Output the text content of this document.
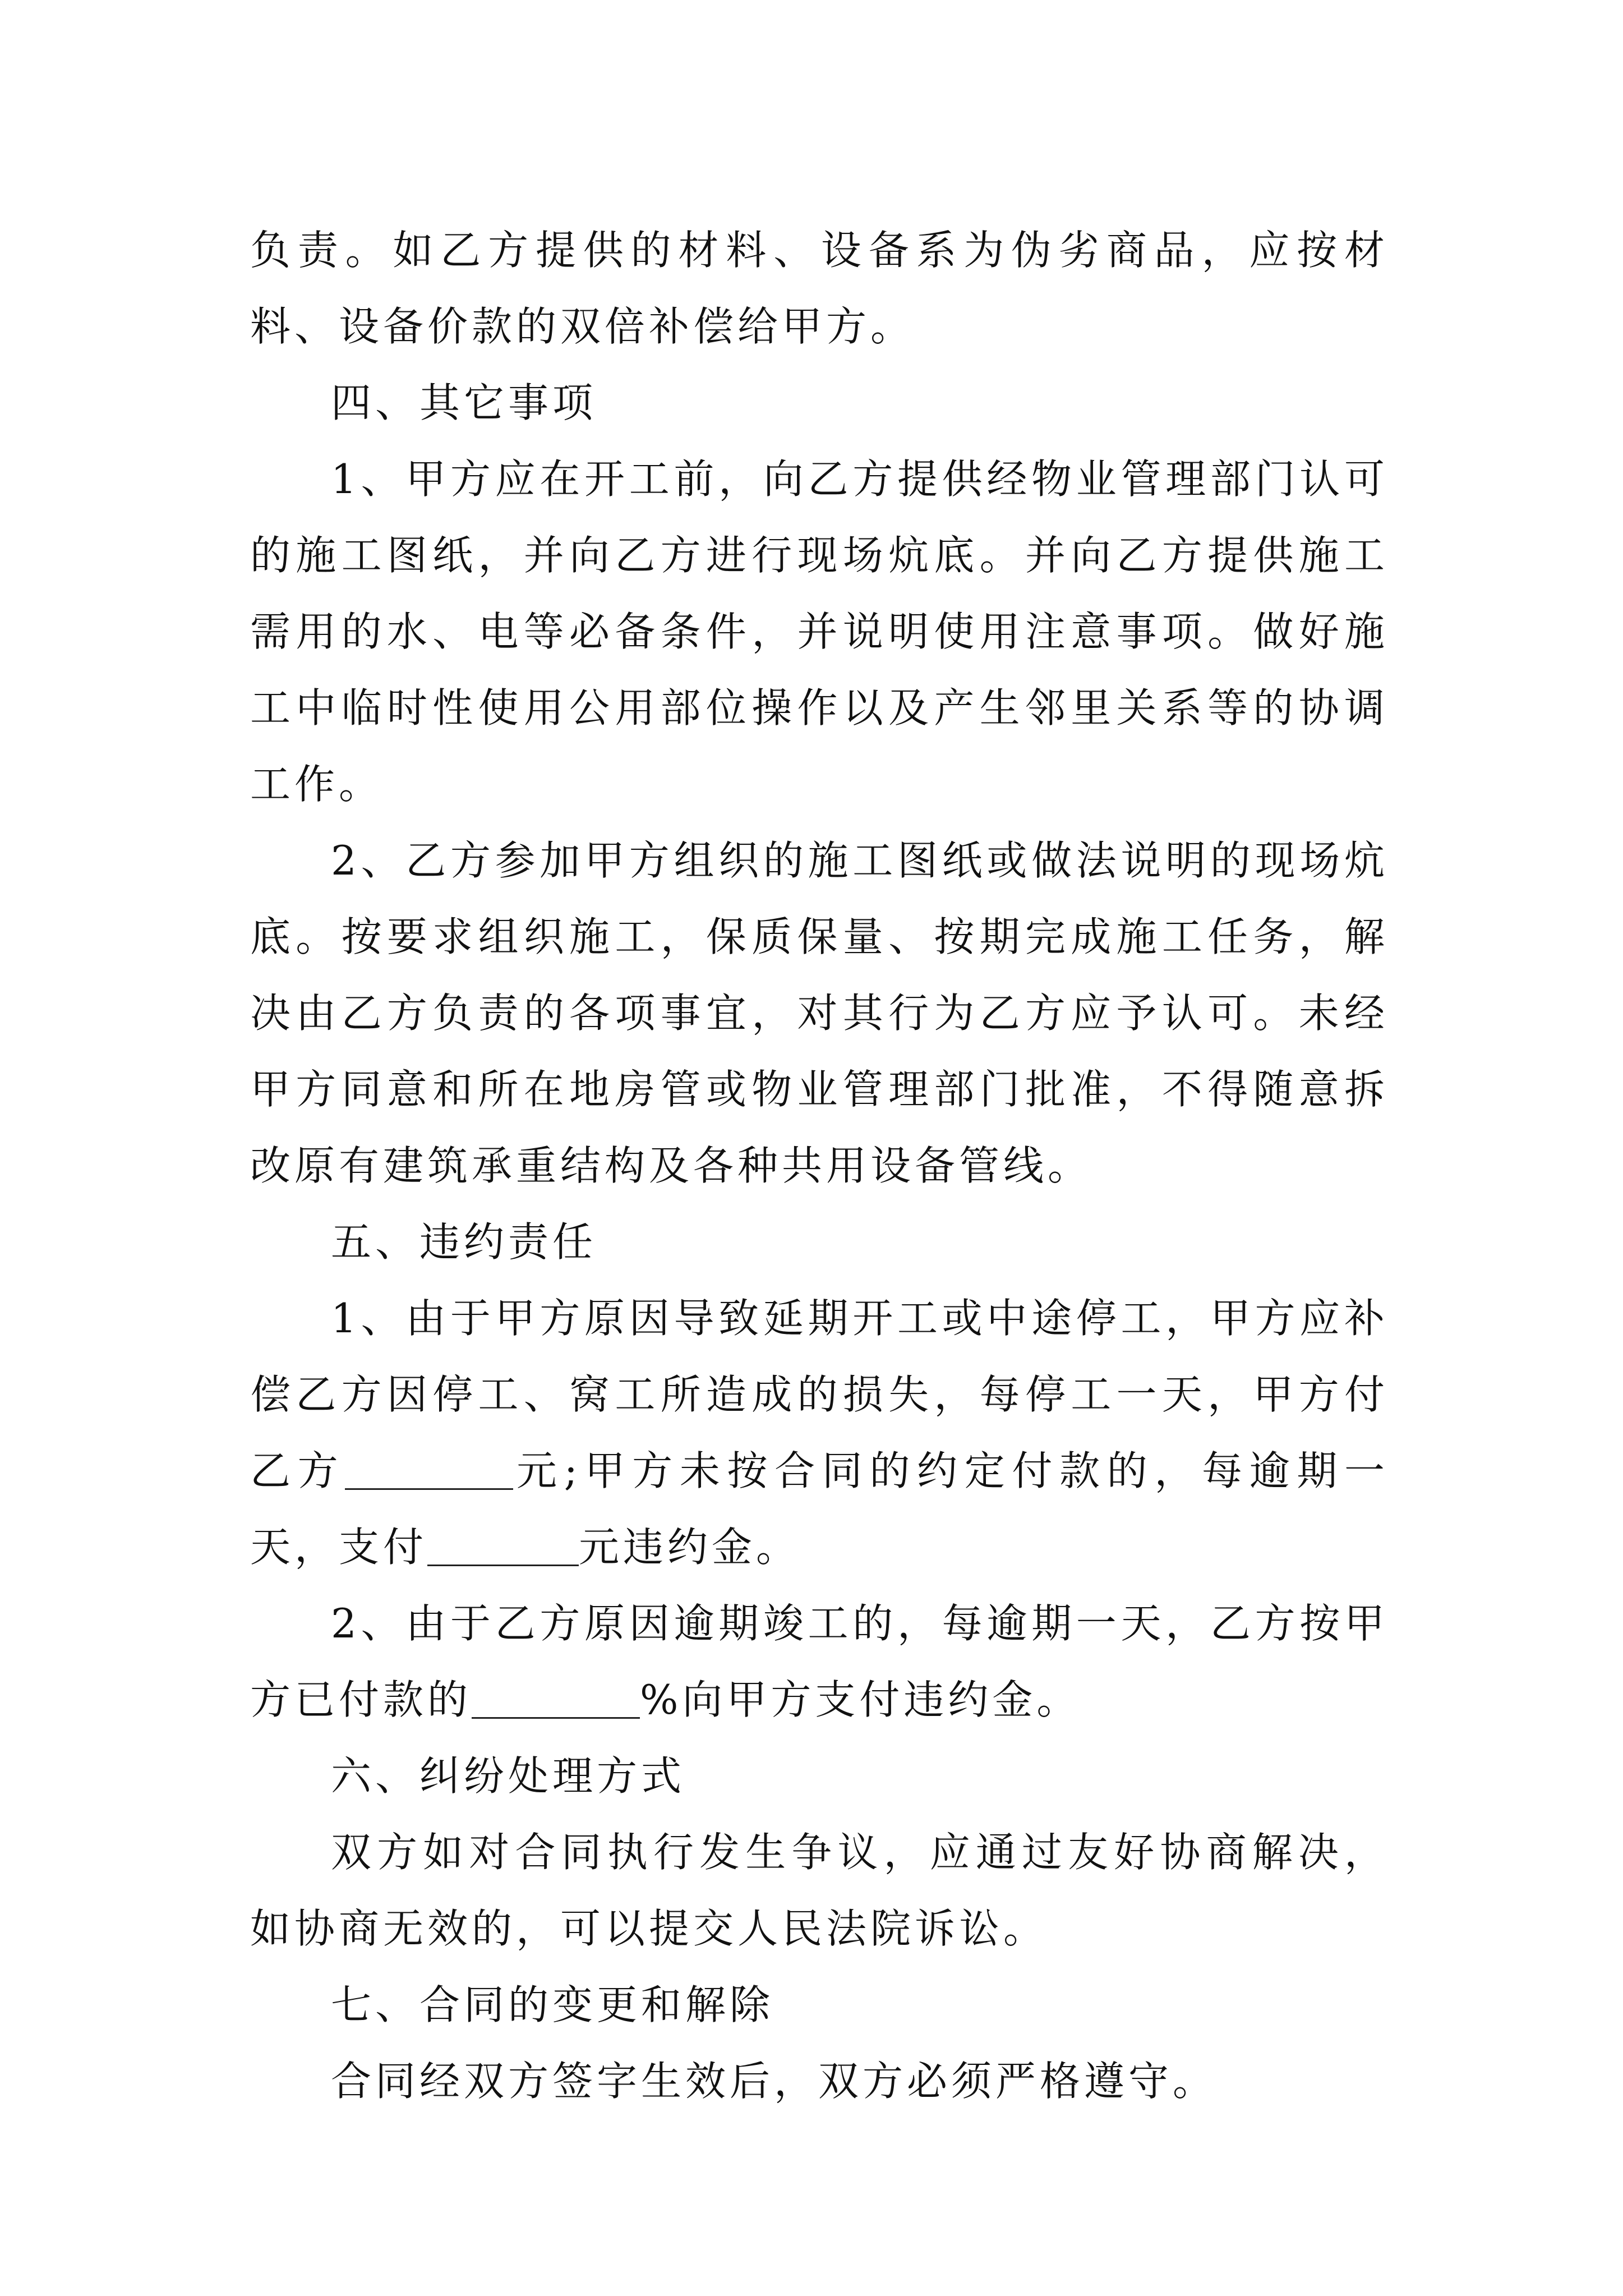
负责。如乙方提供的材料、设备系为伪劣商品，应按材料、设备价款的双倍补偿给甲方。

四、其它事项

1、甲方应在开工前，向乙方提供经物业管理部门认可的施工图纸，并向乙方进行现场炕底。并向乙方提供施工需用的水、电等必备条件，并说明使用注意事项。做好施工中临时性使用公用部位操作以及产生邻里关系等的协调工作。

2、乙方参加甲方组织的施工图纸或做法说明的现场炕底。按要求组织施工，保质保量、按期完成施工任务，解决由乙方负责的各项事宜，对其行为乙方应予认可。未经甲方同意和所在地房管或物业管理部门批准，不得随意拆改原有建筑承重结构及各种共用设备管线。

五、违约责任

1、由于甲方原因导致延期开工或中途停工，甲方应补偿乙方因停工、窝工所造成的损失，每停工一天，甲方付乙方	元;甲方未按合同的约定付款的，每逾期一天，支付	元违约金。

2、由于乙方原因逾期竣工的，每逾期一天，乙方按甲方已付款的	%向甲方支付违约金。

六、纠纷处理方式

双方如对合同执行发生争议，应通过友好协商解决，如协商无效的，可以提交人民法院诉讼。

七、合同的变更和解除

合同经双方签字生效后，双方必须严格遵守。
